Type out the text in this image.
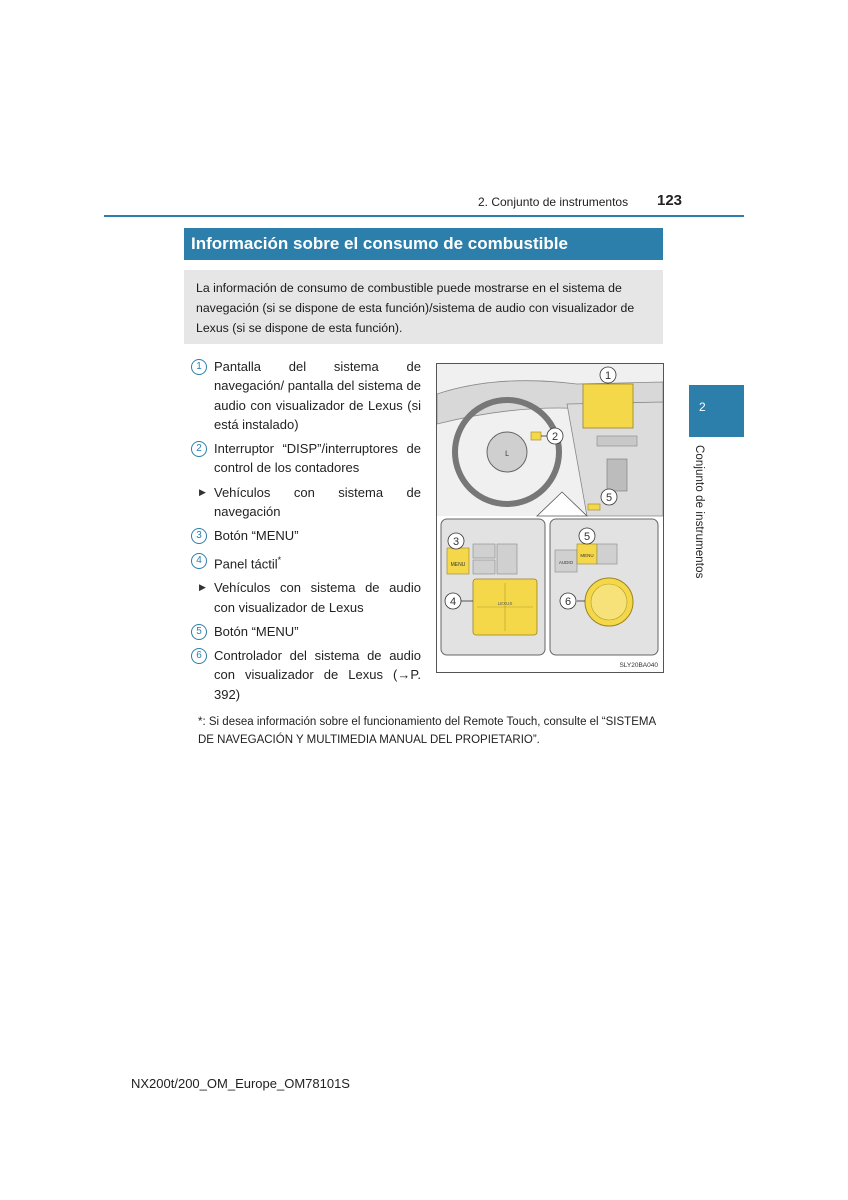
2. Conjunto de instrumentos 123
2
Conjunto de instrumentos
Información sobre el consumo de combustible
La información de consumo de combustible puede mostrarse en el sistema de navegación (si se dispone de esta función)/sistema de audio con visualizador de Lexus (si se dispone de esta función).
1 Pantalla del sistema de navegación/ pantalla del sistema de audio con visualizador de Lexus (si está instalado)
2 Interruptor “DISP”/interruptores de control de los contadores
▶ Vehículos con sistema de navegación
3 Botón “MENU”
4 Panel táctil*
▶ Vehículos con sistema de audio con visualizador de Lexus
5 Botón “MENU”
6 Controlador del sistema de audio con visualizador de Lexus (→P. 392)
ʟ
1
2
5
MENU
LEXUS
3
4
AUDIO
MENU
5
6
SLY20BA040
*: Si desea información sobre el funcionamiento del Remote Touch, consulte el “SISTEMA DE NAVEGACIÓN Y MULTIMEDIA MANUAL DEL PROPIETARIO”.
NX200t/200_OM_Europe_OM78101S
